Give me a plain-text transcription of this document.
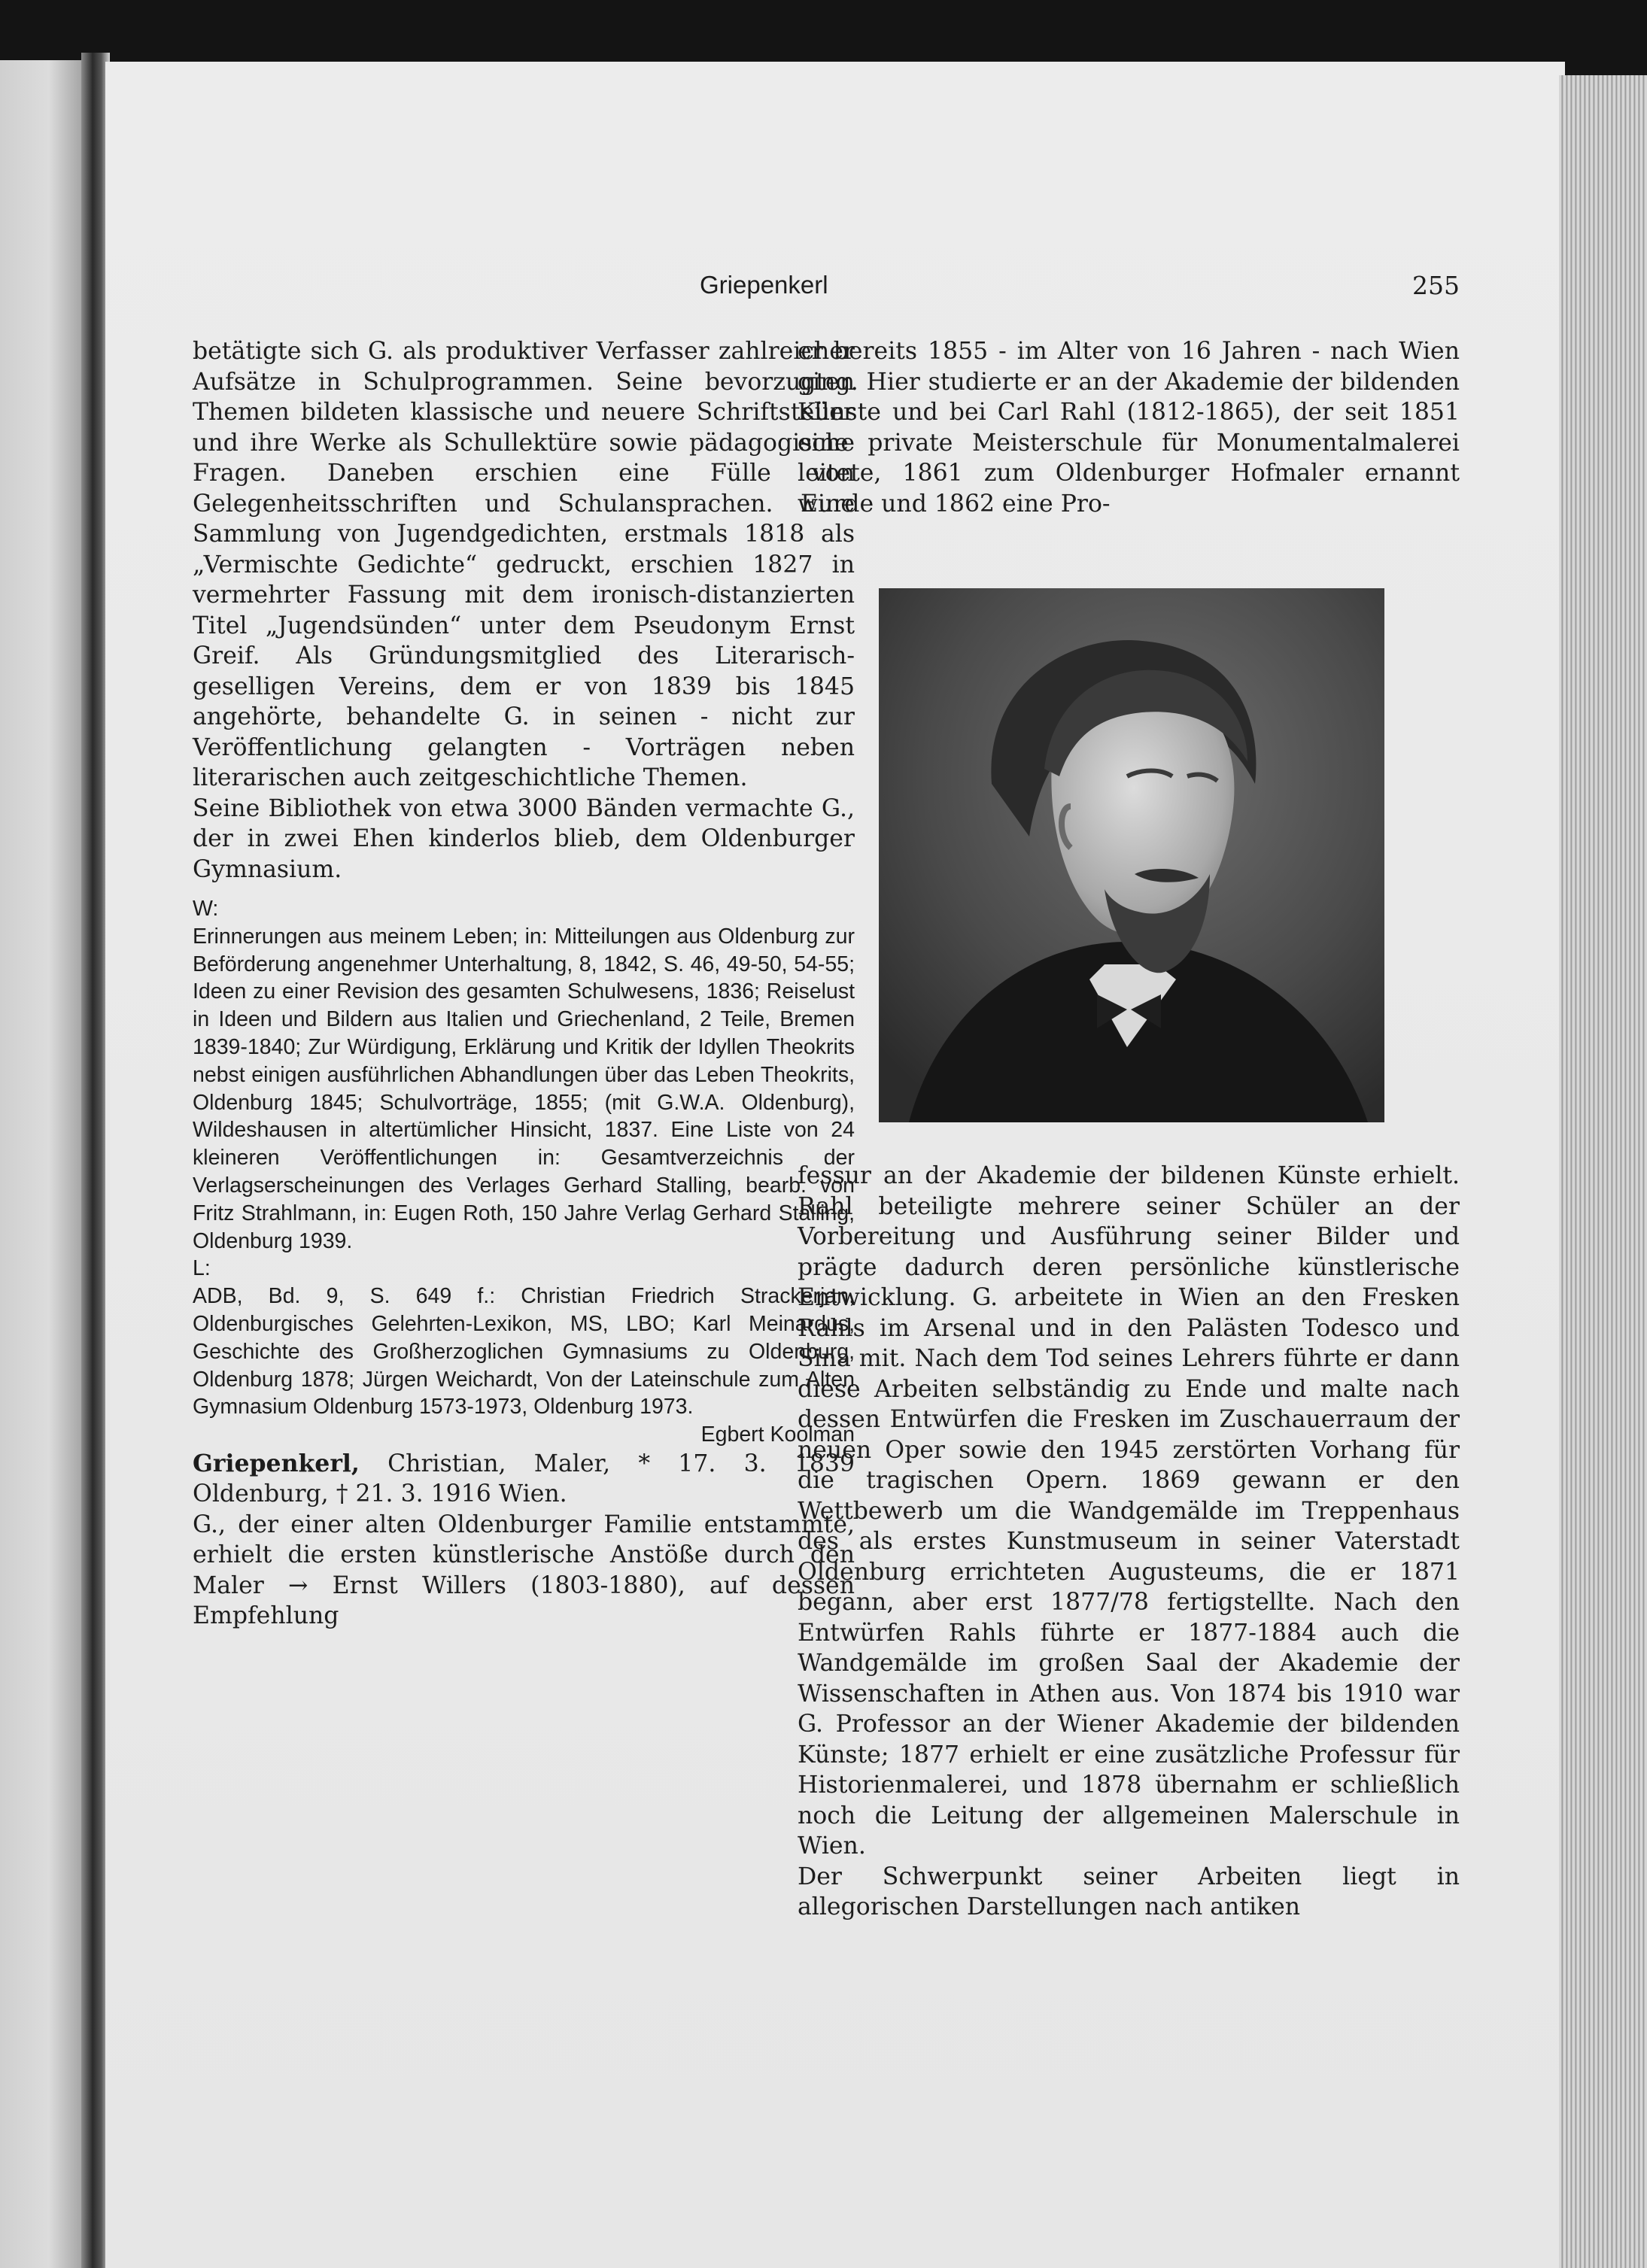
Griepenkerl	255

betätigte sich G. als produktiver Verfasser zahlreicher Aufsätze in Schulprogrammen. Seine bevorzugten Themen bildeten klassische und neuere Schriftsteller und ihre Werke als Schullektüre sowie pädagogische Fragen. Daneben erschien eine Fülle von Gelegenheitsschriften und Schulansprachen. Eine Sammlung von Jugendgedichten, erstmals 1818 als „Vermischte Gedichte“ gedruckt, erschien 1827 in vermehrter Fassung mit dem ironisch-distanzierten Titel „Jugendsünden“ unter dem Pseudonym Ernst Greif. Als Gründungsmitglied des Literarisch-geselligen Vereins, dem er von 1839 bis 1845 angehörte, behandelte G. in seinen - nicht zur Veröffentlichung gelangten - Vorträgen neben literarischen auch zeitgeschichtliche Themen.

Seine Bibliothek von etwa 3000 Bänden vermachte G., der in zwei Ehen kinderlos blieb, dem Oldenburger Gymnasium.

W:
Erinnerungen aus meinem Leben; in: Mitteilungen aus Oldenburg zur Beförderung angenehmer Unterhaltung, 8, 1842, S. 46, 49-50, 54-55; Ideen zu einer Revision des gesamten Schulwesens, 1836; Reiselust in Ideen und Bildern aus Italien und Griechenland, 2 Teile, Bremen 1839-1840; Zur Würdigung, Erklärung und Kritik der Idyllen Theokrits nebst einigen ausführlichen Abhandlungen über das Leben Theokrits, Oldenburg 1845; Schulvorträge, 1855; (mit G.W.A. Oldenburg), Wildeshausen in altertümlicher Hinsicht, 1837. Eine Liste von 24 kleineren Veröffentlichungen in: Gesamtverzeichnis der Verlagserscheinungen des Verlages Gerhard Stalling, bearb. von Fritz Strahlmann, in: Eugen Roth, 150 Jahre Verlag Gerhard Stalling, Oldenburg 1939.
L:
ADB, Bd. 9, S. 649 f.: Christian Friedrich Strackerjan, Oldenburgisches Gelehrten-Lexikon, MS, LBO; Karl Meinardus, Geschichte des Großherzoglichen Gymnasiums zu Oldenburg, Oldenburg 1878; Jürgen Weichardt, Von der Lateinschule zum Alten Gymnasium Oldenburg 1573-1973, Oldenburg 1973.
Egbert Koolman

Griepenkerl, Christian, Maler, * 17. 3. 1839 Oldenburg, † 21. 3. 1916 Wien.

G., der einer alten Oldenburger Familie entstammte, erhielt die ersten künstlerische Anstöße durch den Maler → Ernst Willers (1803-1880), auf dessen Empfehlung

er bereits 1855 - im Alter von 16 Jahren - nach Wien ging. Hier studierte er an der Akademie der bildenden Künste und bei Carl Rahl (1812-1865), der seit 1851 eine private Meisterschule für Monumentalmalerei leitete, 1861 zum Oldenburger Hofmaler ernannt wurde und 1862 eine Pro-

fessur an der Akademie der bildenen Künste erhielt. Rahl beteiligte mehrere seiner Schüler an der Vorbereitung und Ausführung seiner Bilder und prägte dadurch deren persönliche künstlerische Entwicklung. G. arbeitete in Wien an den Fresken Rahls im Arsenal und in den Palästen Todesco und Sina mit. Nach dem Tod seines Lehrers führte er dann diese Arbeiten selbständig zu Ende und malte nach dessen Entwürfen die Fresken im Zuschauerraum der neuen Oper sowie den 1945 zerstörten Vorhang für die tragischen Opern. 1869 gewann er den Wettbewerb um die Wandgemälde im Treppenhaus des als erstes Kunstmuseum in seiner Vaterstadt Oldenburg errichteten Augusteums, die er 1871 begann, aber erst 1877/78 fertigstellte. Nach den Entwürfen Rahls führte er 1877-1884 auch die Wandgemälde im großen Saal der Akademie der Wissenschaften in Athen aus. Von 1874 bis 1910 war G. Professor an der Wiener Akademie der bildenden Künste; 1877 erhielt er eine zusätzliche Professur für Historienmalerei, und 1878 übernahm er schließlich noch die Leitung der allgemeinen Malerschule in Wien.

Der Schwerpunkt seiner Arbeiten liegt in allegorischen Darstellungen nach antiken
